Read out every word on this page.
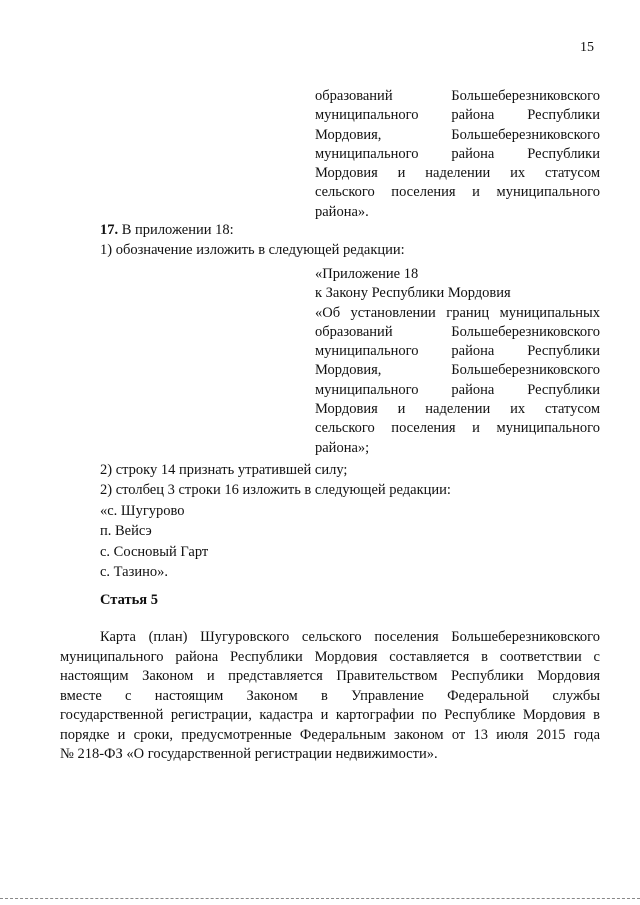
15
образований Большеберезниковского
муниципального района Республики
Мордовия, Большеберезниковского
муниципального района Республики
Мордовия и наделении их статусом
сельского поселения и муниципального
района».
17. В приложении 18:
1) обозначение изложить в следующей редакции:
«Приложение 18
к Закону Республики Мордовия
«Об установлении границ муниципальных
образований Большеберезниковского
муниципального района Республики
Мордовия, Большеберезниковского
муниципального района Республики
Мордовия и наделении их статусом
сельского поселения и муниципального
района»;
2) строку 14 признать утратившей силу;
2) столбец 3 строки 16 изложить в следующей редакции:
«с. Шугурово
п. Вейсэ
с. Сосновый Гарт
с. Тазино».
Статья 5
Карта (план) Шугуровского сельского поселения Большеберезниковского
муниципального района Республики Мордовия составляется в соответствии с
настоящим Законом и представляется Правительством Республики Мордовия
вместе с настоящим Законом в Управление Федеральной службы
государственной регистрации, кадастра и картографии по Республике Мордовия в
порядке и сроки, предусмотренные Федеральным законом от 13 июля 2015 года
№ 218-ФЗ «О государственной регистрации недвижимости».
